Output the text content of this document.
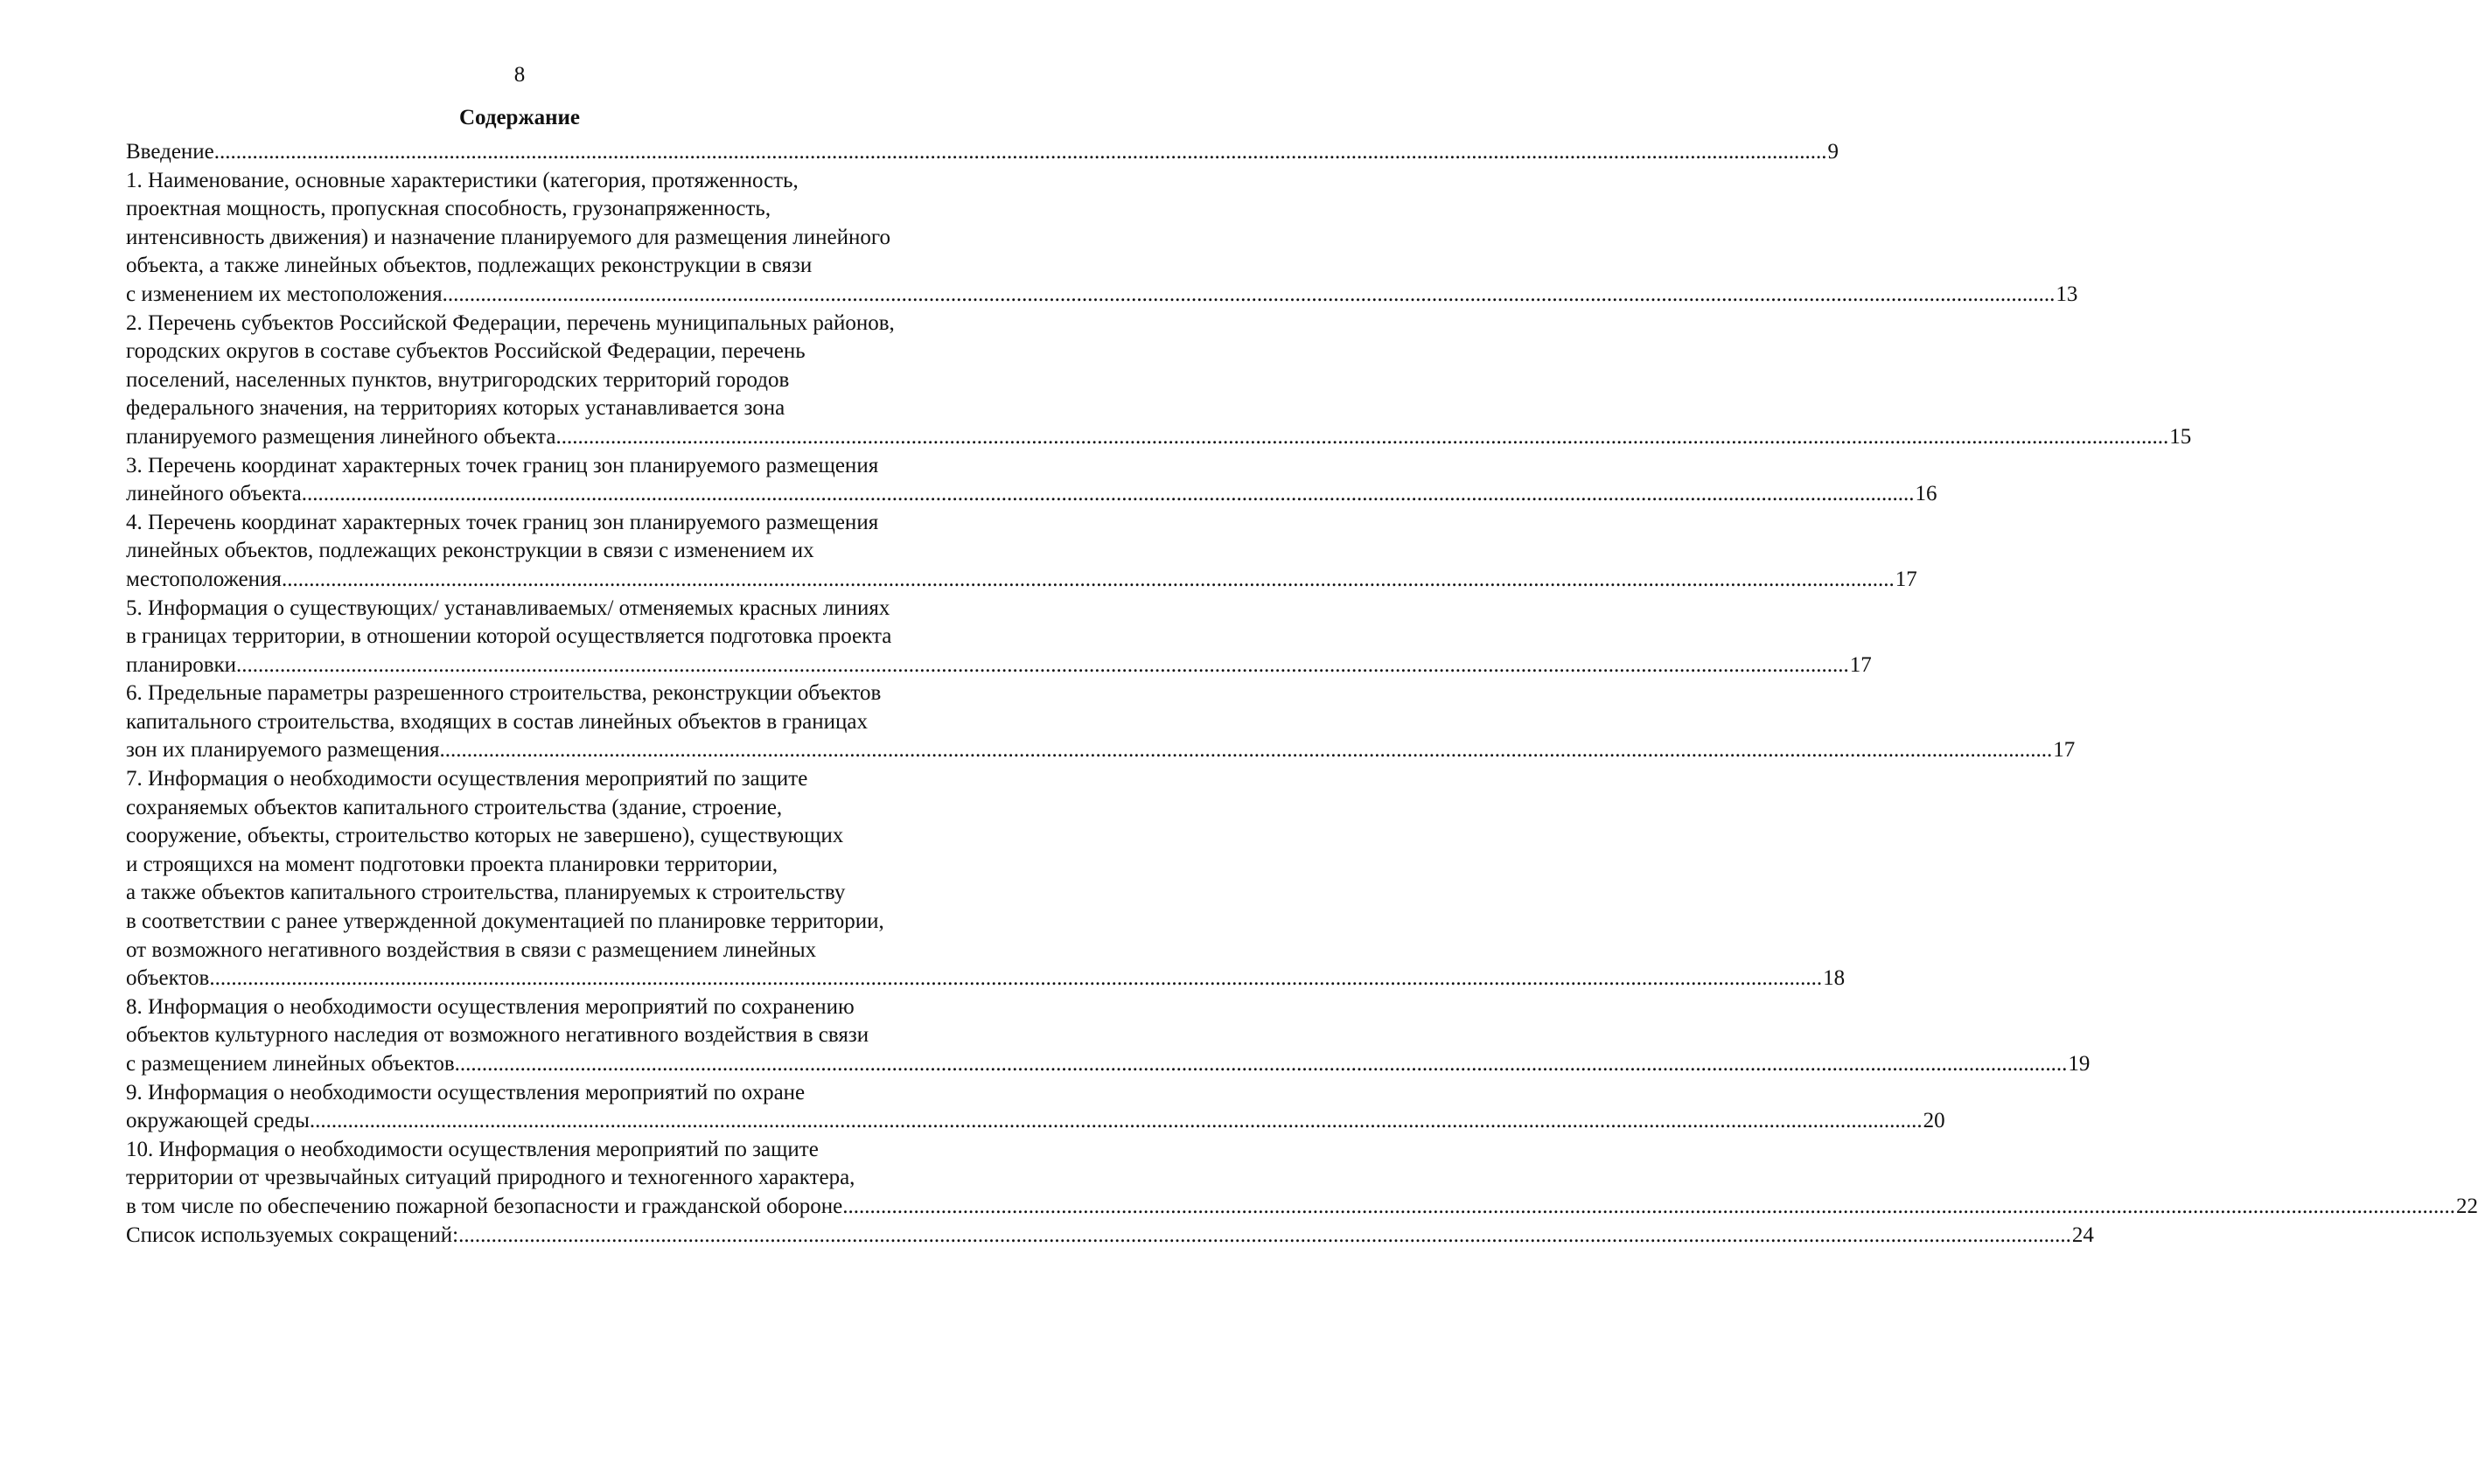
8
Содержание
Введение .....	9
1. Наименование, основные характеристики (категория, протяженность,
проектная мощность, пропускная способность, грузонапряженность,
интенсивность движения) и назначение планируемого для размещения линейного
объекта, а также линейных объектов, подлежащих реконструкции в связи
с изменением их местоположения .....	13
2. Перечень субъектов Российской Федерации, перечень муниципальных районов,
городских округов в составе субъектов Российской Федерации, перечень
поселений, населенных пунктов, внутригородских территорий городов
федерального значения, на территориях которых устанавливается зона
планируемого размещения линейного объекта .....	15
3. Перечень координат характерных точек границ зон планируемого размещения
линейного объекта .....	16
4. Перечень координат характерных точек границ зон планируемого размещения
линейных объектов, подлежащих реконструкции в связи с изменением их
местоположения .....	17
5. Информация о существующих/ устанавливаемых/ отменяемых красных линиях
в границах территории, в отношении которой осуществляется подготовка проекта
планировки .....	17
6. Предельные параметры разрешенного строительства, реконструкции объектов
капитального строительства, входящих в состав линейных объектов в границах
зон их планируемого размещения .....	17
7. Информация о необходимости осуществления мероприятий по защите
сохраняемых объектов капитального строительства (здание, строение,
сооружение, объекты, строительство которых не завершено), существующих
и строящихся на момент подготовки проекта планировки территории,
а также объектов капитального строительства, планируемых к строительству
в соответствии с ранее утвержденной документацией по планировке территории,
от возможного негативного воздействия в связи с размещением линейных
объектов .....	18
8. Информация о необходимости осуществления мероприятий по сохранению
объектов культурного наследия от возможного негативного воздействия в связи
с размещением линейных объектов .....	19
9. Информация о необходимости осуществления мероприятий по охране
окружающей среды .....	20
10. Информация о необходимости осуществления мероприятий по защите
территории от чрезвычайных ситуаций природного и техногенного характера,
в том числе по обеспечению пожарной безопасности и гражданской обороне .....	22
Список используемых сокращений: .....	24
